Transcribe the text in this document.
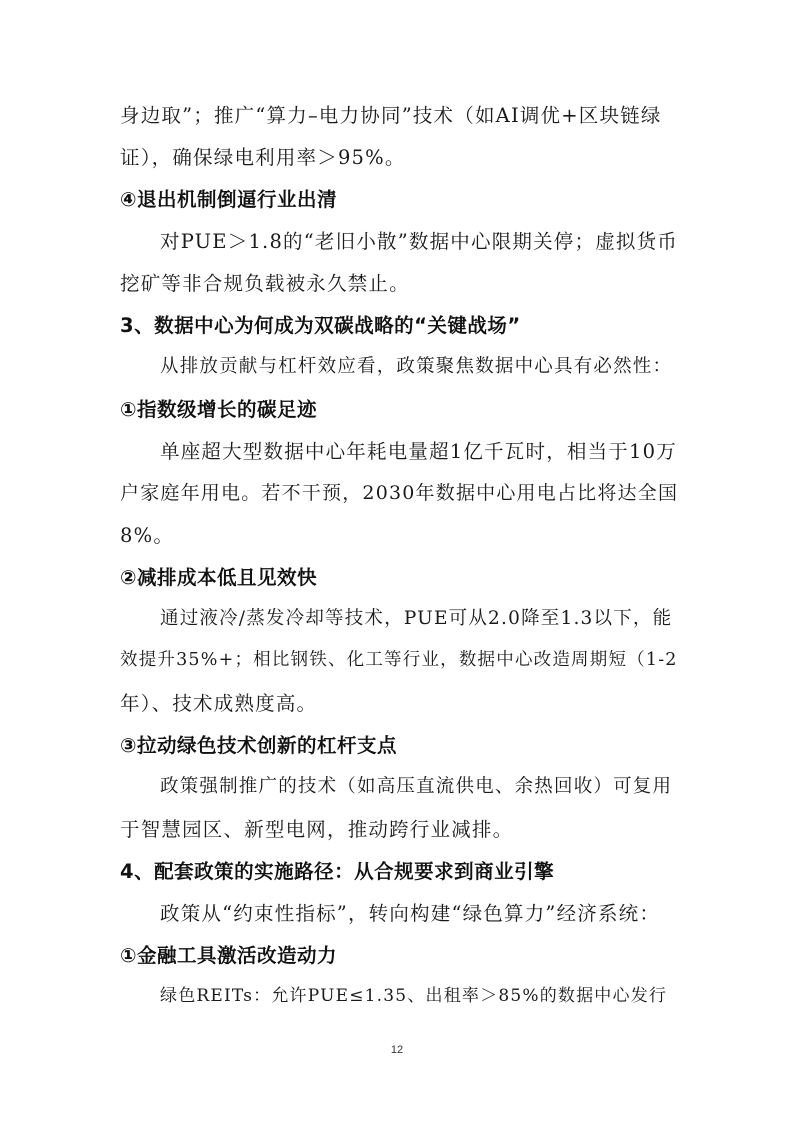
身边取”；推广“算力–电力协同”技术（如AI调优+区块链绿
证），确保绿电利用率＞95%。
④退出机制倒逼行业出清
对PUE＞1.8的“老旧小散”数据中心限期关停；虚拟货币
挖矿等非合规负载被永久禁止。
3、数据中心为何成为双碳战略的“关键战场”
从排放贡献与杠杆效应看，政策聚焦数据中心具有必然性：
①指数级增长的碳足迹
单座超大型数据中心年耗电量超1亿千瓦时，相当于10万
户家庭年用电。若不干预，2030年数据中心用电占比将达全国
8%。
②减排成本低且见效快
通过液冷/蒸发冷却等技术，PUE可从2.0降至1.3以下，能
效提升35%+；相比钢铁、化工等行业，数据中心改造周期短（1-2
年）、技术成熟度高。
③拉动绿色技术创新的杠杆支点
政策强制推广的技术（如高压直流供电、余热回收）可复用
于智慧园区、新型电网，推动跨行业减排。
4、配套政策的实施路径：从合规要求到商业引擎
政策从“约束性指标”，转向构建“绿色算力”经济系统：
①金融工具激活改造动力
绿色REITs：允许PUE≤1.35、出租率＞85%的数据中心发行
12
